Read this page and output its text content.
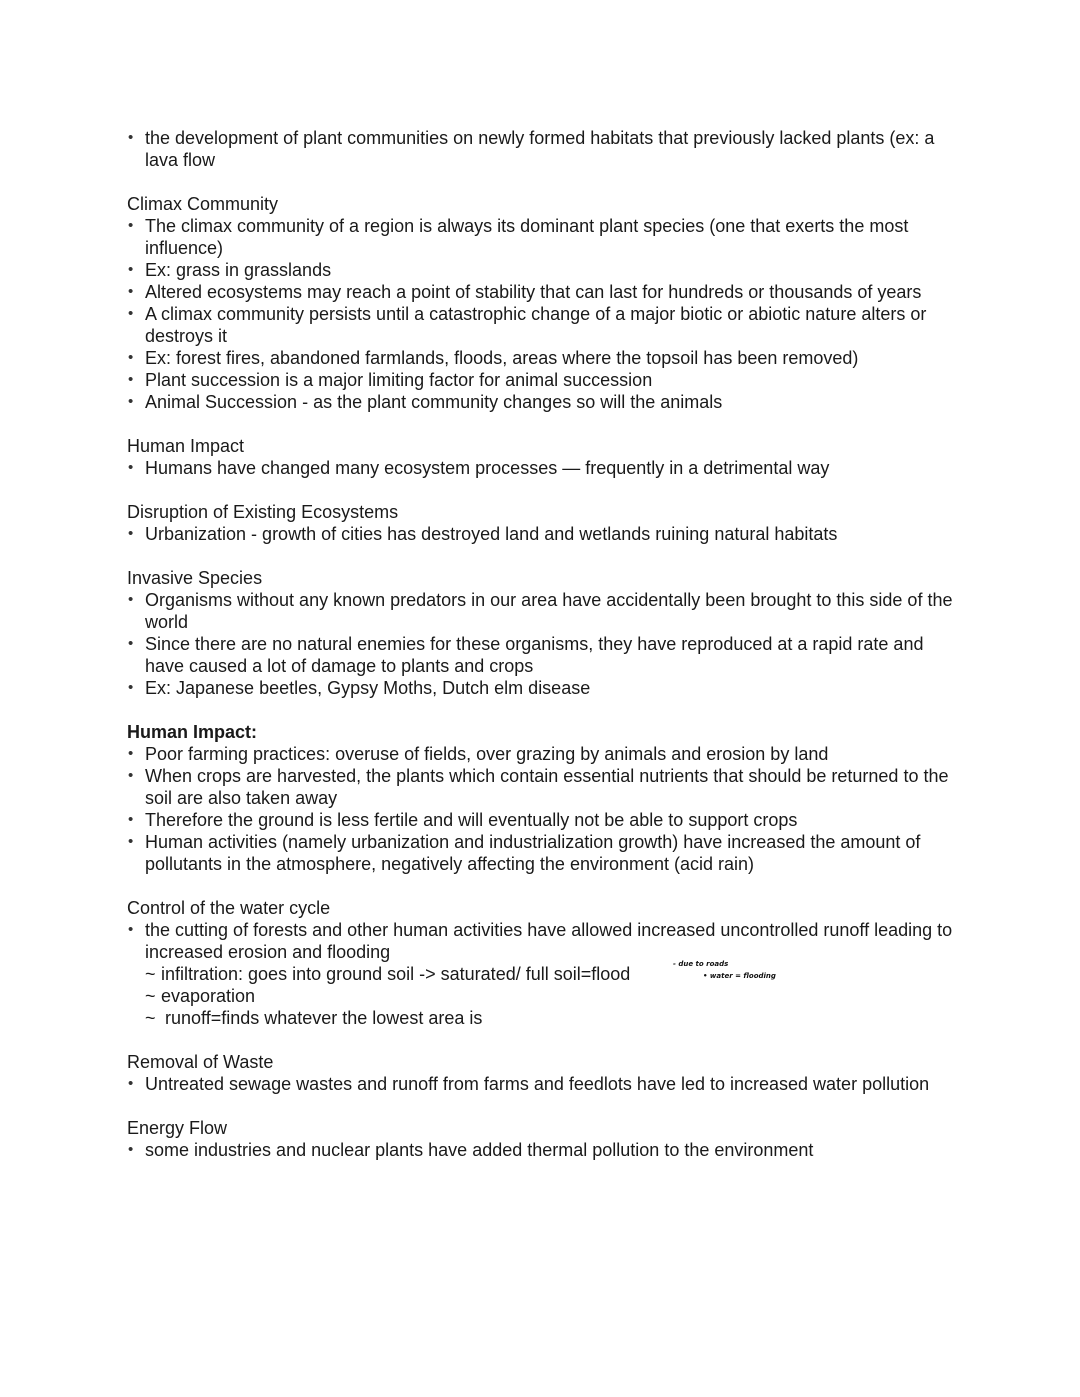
• the development of plant communities on newly formed habitats that previously lacked plants (ex: a lava flow

Climax Community

• The climax community of a region is always its dominant plant species (one that exerts the most influence)
• Ex: grass in grasslands
• Altered ecosystems may reach a point of stability that can last for hundreds or thousands of years
• A climax community persists until a catastrophic change of a major biotic or abiotic nature alters or destroys it
• Ex: forest fires, abandoned farmlands, floods, areas where the topsoil has been removed)
• Plant succession is a major limiting factor for animal succession
• Animal Succession - as the plant community changes so will the animals

Human Impact

• Humans have changed many ecosystem processes — frequently in a detrimental way

Disruption of Existing Ecosystems

• Urbanization - growth of cities has destroyed land and wetlands ruining natural habitats

Invasive Species

• Organisms without any known predators in our area have accidentally been brought to this side of the world
• Since there are no natural enemies for these organisms, they have reproduced at a rapid rate and have caused a lot of damage to plants and crops
• Ex: Japanese beetles, Gypsy Moths, Dutch elm disease

Human Impact:

• Poor farming practices: overuse of fields, over grazing by animals and erosion by land
• When crops are harvested, the plants which contain essential nutrients that should be returned to the soil are also taken away
• Therefore the ground is less fertile and will eventually not be able to support crops
• Human activities (namely urbanization and industrialization growth) have increased the amount of pollutants in the atmosphere, negatively affecting the environment (acid rain)

Control of the water cycle

• the cutting of forests and other human activities have allowed increased uncontrolled runoff leading to increased erosion and flooding
~ infiltration: goes into ground soil -> saturated/ full soil=flood
~ evaporation
~ runoff=finds whatever the lowest area is

Removal of Waste

• Untreated sewage wastes and runoff from farms and feedlots have led to increased water pollution

Energy Flow

• some industries and nuclear plants have added thermal pollution to the environment
- due to roads
• water = flooding
